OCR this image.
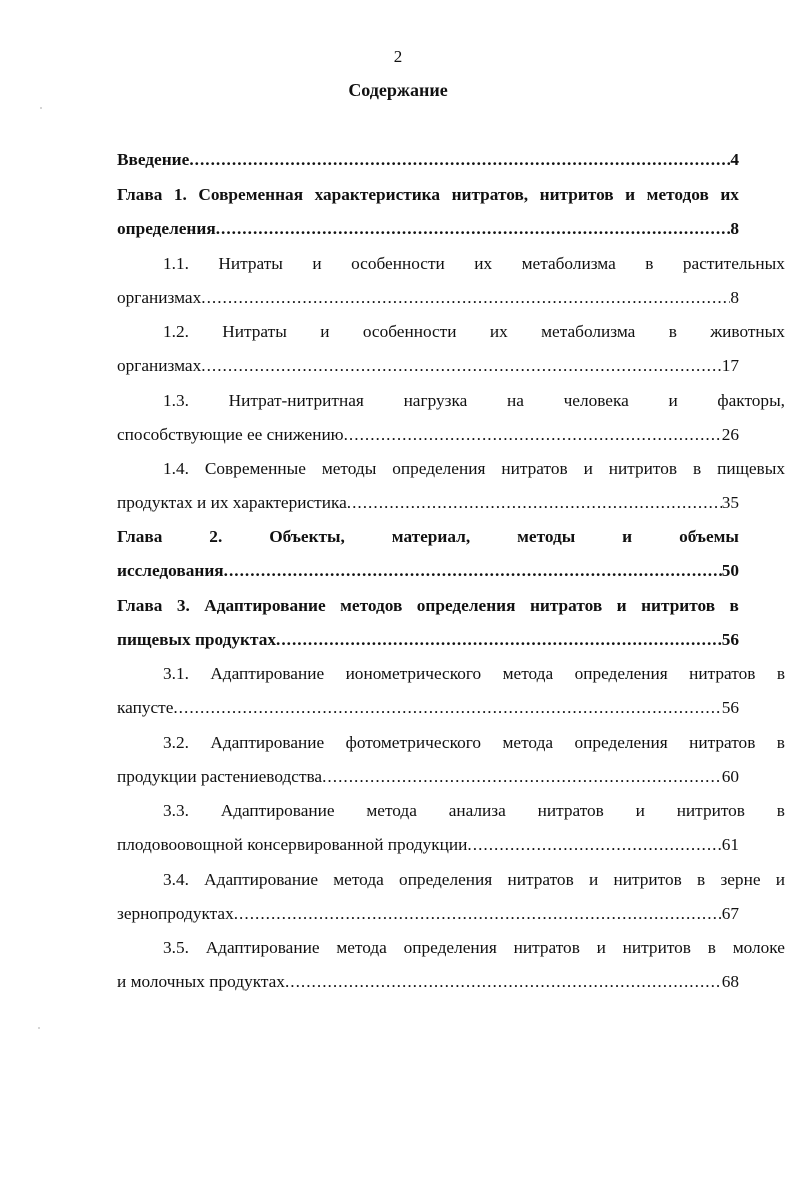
2
Содержание
Введение .....	4
Глава 1. Современная характеристика нитратов, нитритов и методов их
определения .....	8
1.1. Нитраты и особенности их метаболизма в растительных
организмах .....	8
1.2. Нитраты и особенности их метаболизма в животных
организмах .....	17
1.3. Нитрат-нитритная нагрузка на человека и факторы,
способствующие ее снижению .....	26
1.4. Современные методы определения нитратов и нитритов в пищевых
продуктах и их характеристика .....	35
Глава	2.	Объекты,	материал,	методы	и	объемы
исследования .....	50
Глава 3. Адаптирование методов определения нитратов и нитритов в
пищевых продуктах .....	56
3.1. Адаптирование ионометрического метода определения нитратов в
капусте .....	56
3.2. Адаптирование фотометрического метода определения нитратов в
продукции растениеводства .....	60
3.3. Адаптирование метода анализа нитратов и нитритов в
плодовоовощной консервированной продукции .....	61
3.4. Адаптирование метода определения нитратов и нитритов в зерне и
зернопродуктах .....	67
3.5. Адаптирование метода определения нитратов и нитритов в молоке
и молочных продуктах .....	68
